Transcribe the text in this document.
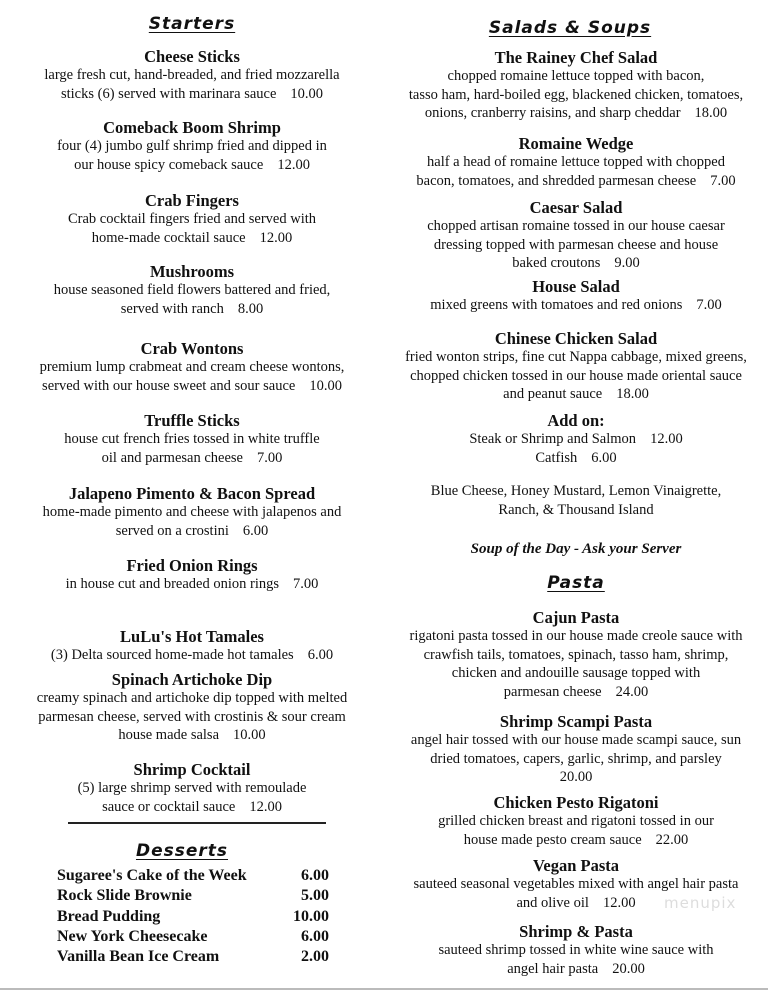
Starters
Cheese Sticks
large fresh cut, hand-breaded, and fried mozzarella
sticks (6) served with marinara sauce 10.00
Comeback Boom Shrimp
four (4) jumbo gulf shrimp fried and dipped in
our house spicy comeback sauce 12.00
Crab Fingers
Crab cocktail fingers fried and served with
home-made cocktail sauce 12.00
Mushrooms
house seasoned field flowers battered and fried,
served with ranch 8.00
Crab Wontons
premium lump crabmeat and cream cheese wontons,
served with our house sweet and sour sauce 10.00
Truffle Sticks
house cut french fries tossed in white truffle
oil and parmesan cheese 7.00
Jalapeno Pimento & Bacon Spread
home-made pimento and cheese with jalapenos and
served on a crostini 6.00
Fried Onion Rings
in house cut and breaded onion rings 7.00
LuLu's Hot Tamales
(3) Delta sourced home-made hot tamales 6.00
Spinach Artichoke Dip
creamy spinach and artichoke dip topped with melted
parmesan cheese, served with crostinis & sour cream
house made salsa 10.00
Shrimp Cocktail
(5) large shrimp served with remoulade
sauce or cocktail sauce 12.00
Desserts
Sugaree's Cake of the Week	6.00
Rock Slide Brownie	5.00
Bread Pudding	10.00
New York Cheesecake	6.00
Vanilla Bean Ice Cream	2.00
Salads & Soups
The Rainey Chef Salad
chopped romaine lettuce topped with bacon,
tasso ham, hard-boiled egg, blackened chicken, tomatoes,
onions, cranberry raisins, and sharp cheddar 18.00
Romaine Wedge
half a head of romaine lettuce topped with chopped
bacon, tomatoes, and shredded parmesan cheese 7.00
Caesar Salad
chopped artisan romaine tossed in our house caesar
dressing topped with parmesan cheese and house
baked croutons 9.00
House Salad
mixed greens with tomatoes and red onions 7.00
Chinese Chicken Salad
fried wonton strips, fine cut Nappa cabbage, mixed greens,
chopped chicken tossed in our house made oriental sauce
and peanut sauce 18.00
Add on:
Steak or Shrimp and Salmon 12.00
Catfish 6.00
Blue Cheese, Honey Mustard, Lemon Vinaigrette,
Ranch, & Thousand Island
Soup of the Day - Ask your Server
Pasta
Cajun Pasta
rigatoni pasta tossed in our house made creole sauce with
crawfish tails, tomatoes, spinach, tasso ham, shrimp,
chicken and andouille sausage topped with
parmesan cheese 24.00
Shrimp Scampi Pasta
angel hair tossed with our house made scampi sauce, sun
dried tomatoes, capers, garlic, shrimp, and parsley
20.00
Chicken Pesto Rigatoni
grilled chicken breast and rigatoni tossed in our
house made pesto cream sauce 22.00
Vegan Pasta
sauteed seasonal vegetables mixed with angel hair pasta
and olive oil 12.00
Shrimp & Pasta
sauteed shrimp tossed in white wine sauce with
angel hair pasta 20.00
menupix
